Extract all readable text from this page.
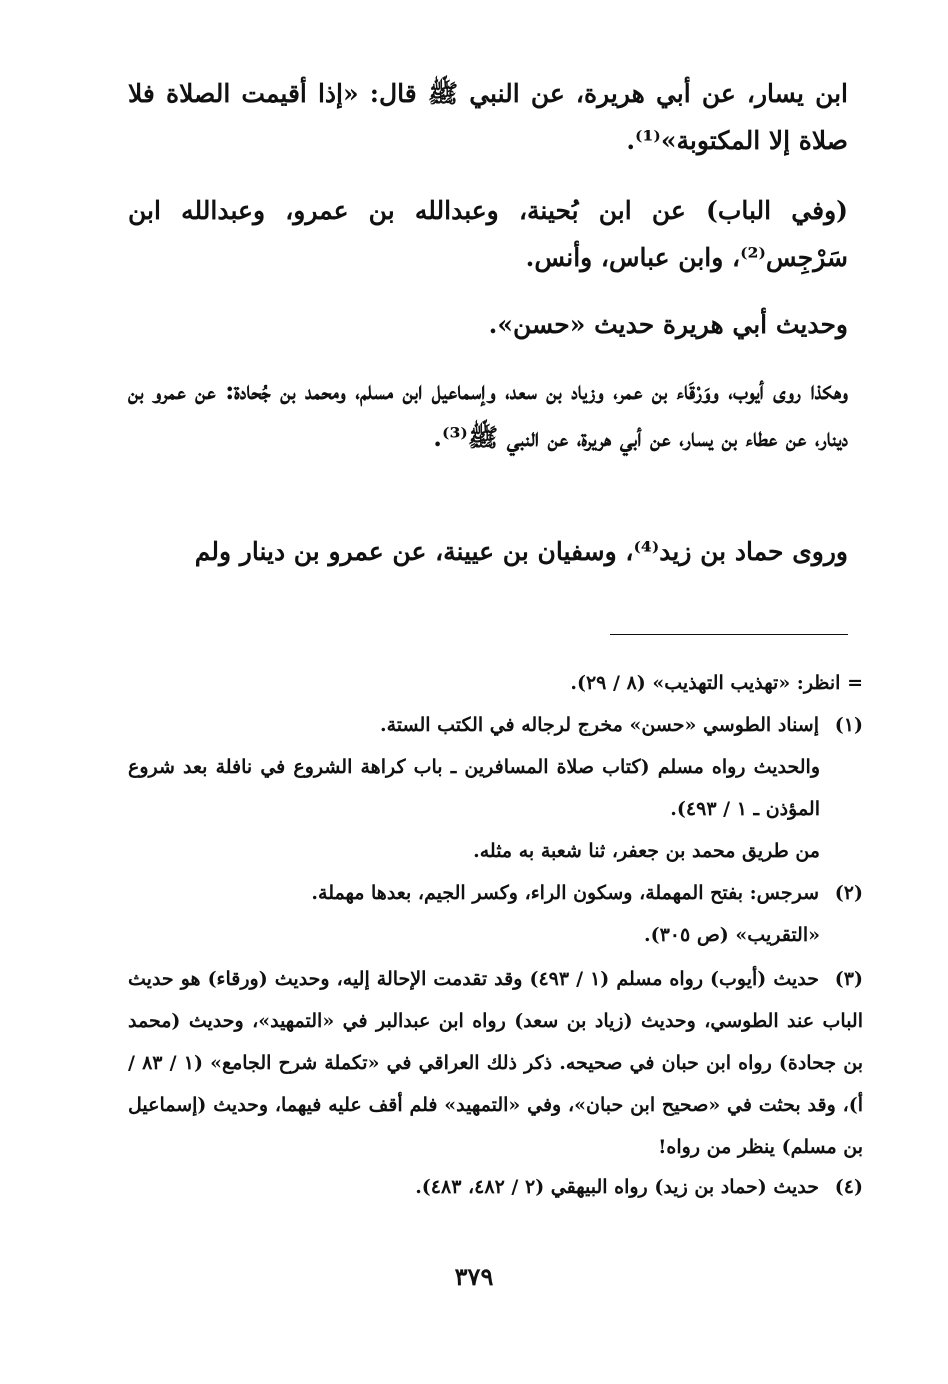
ابن يسار، عن أبي هريرة، عن النبي ﷺ قال: «إذا أقيمت الصلاة فلا صلاة إلا المكتوبة»⁽¹⁾.

(وفي الباب) عن ابن بُحينة، وعبدالله بن عمرو، وعبدالله ابن سَرْجِس⁽²⁾، وابن عباس، وأنس.

وحديث أبي هريرة حديث «حسن».

وهكذا روى أيوب، ووَرْقَاء بن عمر، وزياد بن سعد، وإسماعيل ابن مسلم، ومحمد بن جُحادة: عن عمرو بن دينار، عن عطاء بن يسار، عن أبي هريرة، عن النبي ﷺ⁽³⁾.

وروى حماد بن زيد⁽⁴⁾، وسفيان بن عيينة، عن عمرو بن دينار ولم

= انظر: «تهذيب التهذيب» (٨ / ٢٩).

(١)إسناد الطوسي «حسن» مخرج لرجاله في الكتب الستة.

والحديث رواه مسلم (كتاب صلاة المسافرين ـ باب كراهة الشروع في نافلة بعد شروع المؤذن ـ ١ / ٤٩٣).

من طريق محمد بن جعفر، ثنا شعبة به مثله.

(٢)سرجس: بفتح المهملة، وسكون الراء، وكسر الجيم، بعدها مهملة.

«التقريب» (ص ٣٠٥).

(٣)حديث (أيوب) رواه مسلم (١ / ٤٩٣) وقد تقدمت الإحالة إليه، وحديث (ورقاء) هو حديث الباب عند الطوسي، وحديث (زياد بن سعد) رواه ابن عبدالبر في «التمهيد»، وحديث (محمد بن جحادة) رواه ابن حبان في صحيحه. ذكر ذلك العراقي في «تكملة شرح الجامع» (١ / ٨٣ / أ)، وقد بحثت في «صحيح ابن حبان»، وفي «التمهيد» فلم أقف عليه فيهما، وحديث (إسماعيل بن مسلم) ينظر من رواه!

(٤)حديث (حماد بن زيد) رواه البيهقي (٢ / ٤٨٢، ٤٨٣).

٣٧٩
